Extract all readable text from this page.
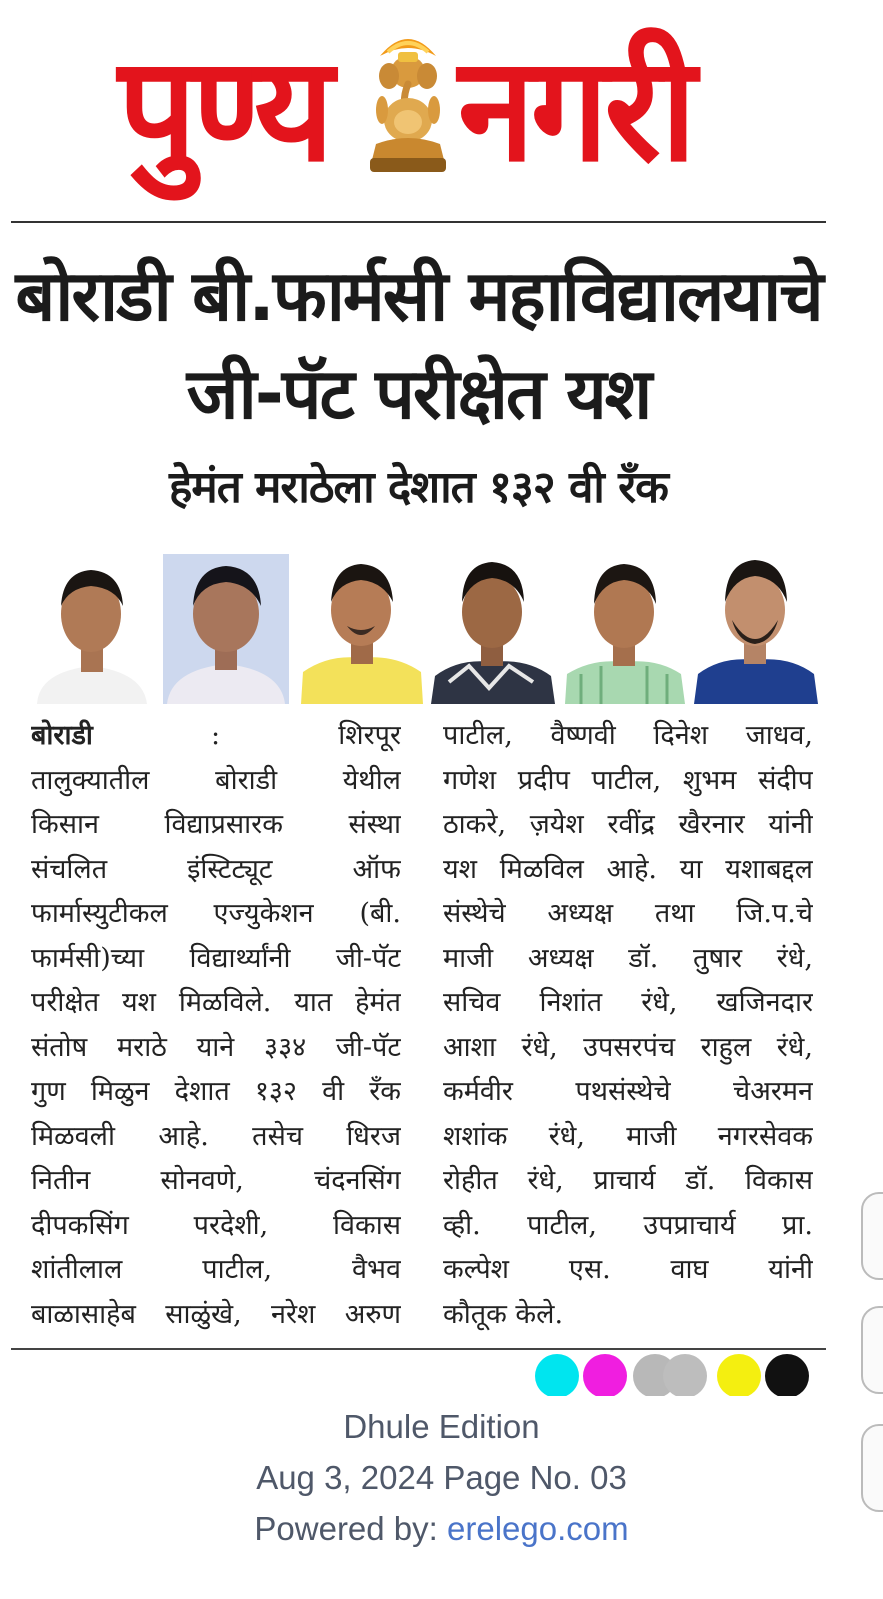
पुण्य नगरी
बोराडी बी.फार्मसी महाविद्यालयाचे
जी-पॅट परीक्षेत यश
हेमंत मराठेला देशात १३२ वी रँक
बोराडी : शिरपूर
तालुक्यातील बोराडी येथील
किसान विद्याप्रसारक संस्था
संचलित इंस्टिट्यूट ऑफ
फार्मास्युटीकल एज्युकेशन (बी.
फार्मसी)च्या विद्यार्थ्यांनी जी-पॅट
परीक्षेत यश मिळविले. यात हेमंत
संतोष मराठे याने ३३४ जी-पॅट
गुण मिळुन देशात १३२ वी रँक
मिळवली आहे. तसेच धिरज
नितीन सोनवणे, चंदनसिंग
दीपकसिंग परदेशी, विकास
शांतीलाल पाटील, वैभव
बाळासाहेब साळुंखे, नरेश अरुण
पाटील, वैष्णवी दिनेश जाधव,
गणेश प्रदीप पाटील, शुभम संदीप
ठाकरे, ज़येश रवींद्र खैरनार यांनी
यश मिळविल आहे. या यशाबद्दल
संस्थेचे अध्यक्ष तथा जि.प.चे
माजी अध्यक्ष डॉ. तुषार रंधे,
सचिव निशांत रंधे, खजिनदार
आशा रंधे, उपसरपंच राहुल रंधे,
कर्मवीर पथसंस्थेचे चेअरमन
शशांक रंधे, माजी नगरसेवक
रोहीत रंधे, प्राचार्य डॉ. विकास
व्ही. पाटील, उपप्राचार्य प्रा.
कल्पेश एस. वाघ यांनी
कौतूक केले.
Dhule Edition
Aug 3, 2024 Page No. 03
Powered by: erelego.com
